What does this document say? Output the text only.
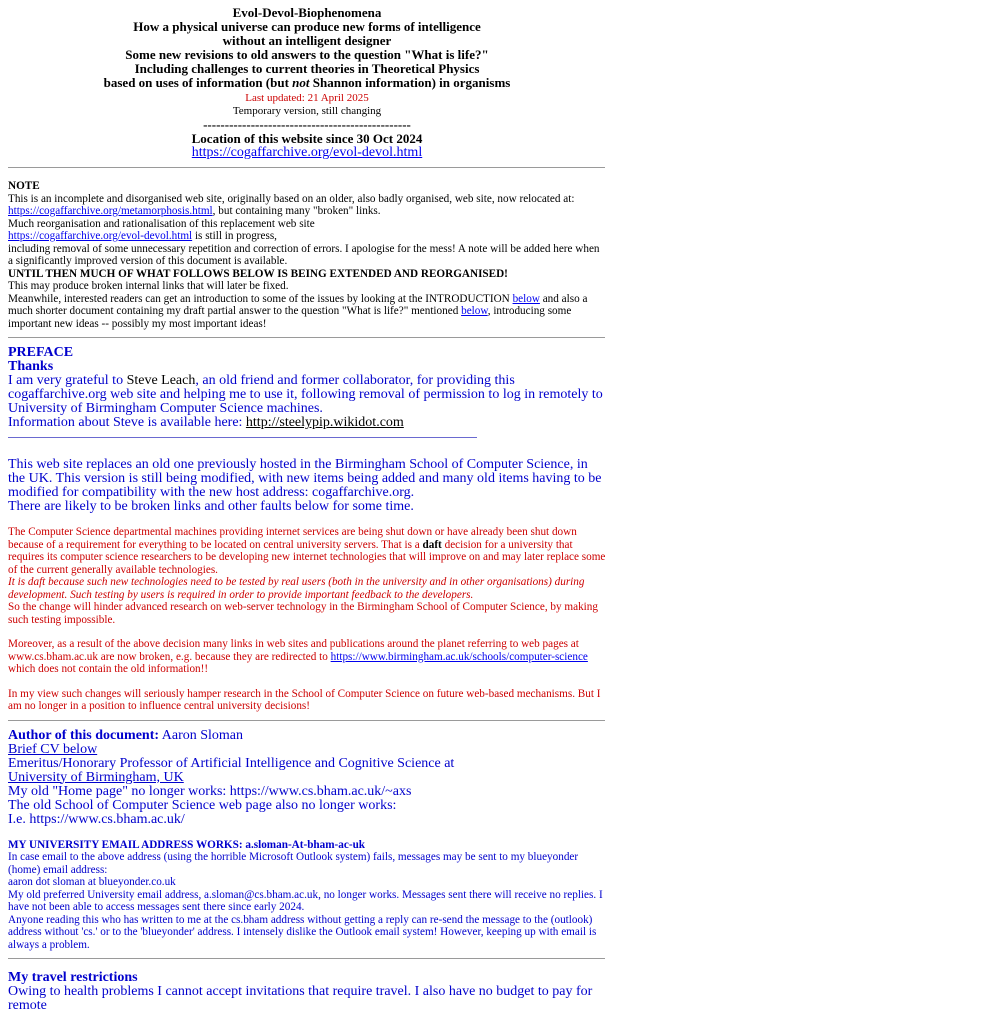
Evol-Devol-Biophenomena
How a physical universe can produce new forms of intelligence
without an intelligent designer
Some new revisions to old answers to the question "What is life?"
Including challenges to current theories in Theoretical Physics
based on uses of information (but not Shannon information) in organisms
Last updated: 21 April 2025
Temporary version, still changing
------------------------------------------------
Location of this website since 30 Oct 2024
https://cogaffarchive.org/evol-devol.html

NOTE

This is an incomplete and disorganised web site, originally based on an older, also badly organised, web site, now relocated at:

https://cogaffarchive.org/metamorphosis.html, but containing many "broken" links.

Much reorganisation and rationalisation of this replacement web site

https://cogaffarchive.org/evol-devol.html is still in progress,

including removal of some unnecessary repetition and correction of errors. I apologise for the mess! A note will be added here when a significantly improved version of this document is available.

UNTIL THEN MUCH OF WHAT FOLLOWS BELOW IS BEING EXTENDED AND REORGANISED!

This may produce broken internal links that will later be fixed.

Meanwhile, interested readers can get an introduction to some of the issues by looking at the INTRODUCTION below and also a much shorter document containing my draft partial answer to the question "What is life?" mentioned below, introducing some important new ideas -- possibly my most important ideas!

PREFACE
Thanks

I am very grateful to Steve Leach, an old friend and former collaborator, for providing this cogaffarchive.org web site and helping me to use it, following removal of permission to log in remotely to University of Birmingham Computer Science machines.

Information about Steve is available here: http://steelypip.wikidot.com

This web site replaces an old one previously hosted in the Birmingham School of Computer Science, in the UK. This version is still being modified, with new items being added and many old items having to be modified for compatibility with the new host address: cogaffarchive.org.

There are likely to be broken links and other faults below for some time.

The Computer Science departmental machines providing internet services are being shut down or have already been shut down because of a requirement for everything to be located on central university servers. That is a daft decision for a university that requires its computer science researchers to be developing new internet technologies that will improve on and may later replace some of the current generally available technologies.

It is daft because such new technologies need to be tested by real users (both in the university and in other organisations) during development. Such testing by users is required in order to provide important feedback to the developers.

So the change will hinder advanced research on web-server technology in the Birmingham School of Computer Science, by making such testing impossible.

Moreover, as a result of the above decision many links in web sites and publications around the planet referring to web pages at www.cs.bham.ac.uk are now broken, e.g. because they are redirected to https://www.birmingham.ac.uk/schools/computer-science which does not contain the old information!!

In my view such changes will seriously hamper research in the School of Computer Science on future web-based mechanisms. But I am no longer in a position to influence central university decisions!

Author of this document: Aaron Sloman

Brief CV below

Emeritus/Honorary Professor of Artificial Intelligence and Cognitive Science at

University of Birmingham, UK

My old "Home page" no longer works: https://www.cs.bham.ac.uk/~axs

The old School of Computer Science web page also no longer works:

I.e. https://www.cs.bham.ac.uk/

MY UNIVERSITY EMAIL ADDRESS WORKS: a.sloman-At-bham-ac-uk

In case email to the above address (using the horrible Microsoft Outlook system) fails, messages may be sent to my blueyonder (home) email address:

aaron dot sloman at blueyonder.co.uk

My old preferred University email address, a.sloman@cs.bham.ac.uk, no longer works. Messages sent there will receive no replies. I have not been able to access messages sent there since early 2024.

Anyone reading this who has written to me at the cs.bham address without getting a reply can re-send the message to the (outlook) address without 'cs.' or to the 'blueyonder' address. I intensely dislike the Outlook email system! However, keeping up with email is always a problem.

My travel restrictions

Owing to health problems I cannot accept invitations that require travel. I also have no budget to pay for remote
